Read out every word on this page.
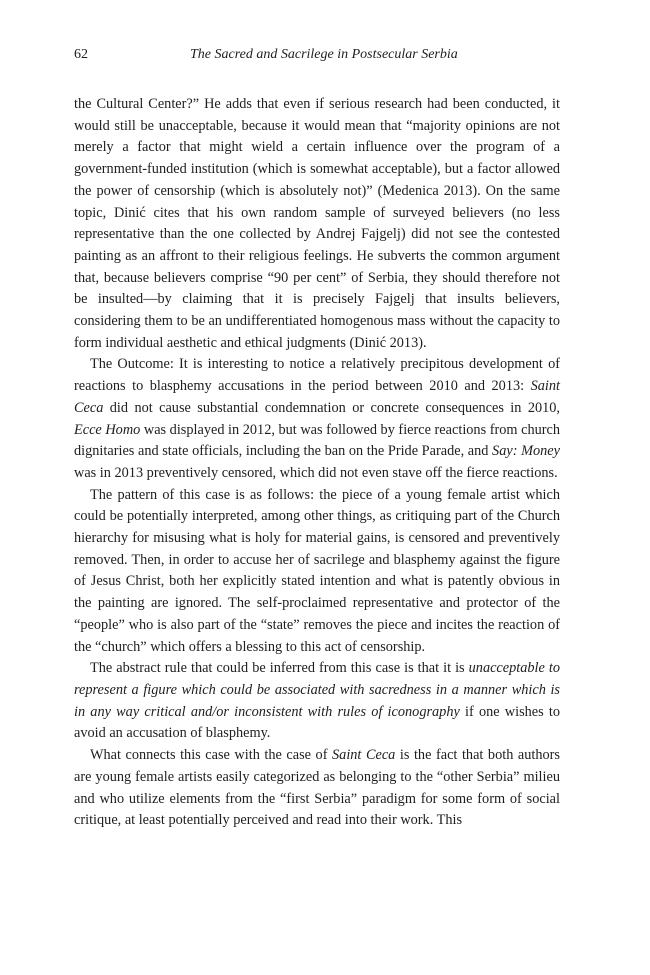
62	The Sacred and Sacrilege in Postsecular Serbia

the Cultural Center?” He adds that even if serious research had been conducted, it would still be unacceptable, because it would mean that “majority opinions are not merely a factor that might wield a certain influence over the program of a government-funded institution (which is somewhat acceptable), but a factor allowed the power of censorship (which is absolutely not)” (Medenica 2013). On the same topic, Dinić cites that his own random sample of surveyed believers (no less representative than the one collected by Andrej Fajgelj) did not see the contested painting as an affront to their religious feelings. He subverts the common argument that, because believers comprise “90 per cent” of Serbia, they should therefore not be insulted—by claiming that it is precisely Fajgelj that insults believers, considering them to be an undifferentiated homogenous mass without the capacity to form individual aesthetic and ethical judgments (Dinić 2013).

The Outcome: It is interesting to notice a relatively precipitous development of reactions to blasphemy accusations in the period between 2010 and 2013: Saint Ceca did not cause substantial condemnation or concrete consequences in 2010, Ecce Homo was displayed in 2012, but was followed by fierce reactions from church dignitaries and state officials, including the ban on the Pride Parade, and Say: Money was in 2013 preventively censored, which did not even stave off the fierce reactions.

The pattern of this case is as follows: the piece of a young female artist which could be potentially interpreted, among other things, as critiquing part of the Church hierarchy for misusing what is holy for material gains, is censored and preventively removed. Then, in order to accuse her of sacrilege and blasphemy against the figure of Jesus Christ, both her explicitly stated intention and what is patently obvious in the painting are ignored. The self-proclaimed representative and protector of the “people” who is also part of the “state” removes the piece and incites the reaction of the “church” which offers a blessing to this act of censorship.

The abstract rule that could be inferred from this case is that it is unacceptable to represent a figure which could be associated with sacredness in a manner which is in any way critical and/or inconsistent with rules of iconography if one wishes to avoid an accusation of blasphemy.

What connects this case with the case of Saint Ceca is the fact that both authors are young female artists easily categorized as belonging to the “other Serbia” milieu and who utilize elements from the “first Serbia” paradigm for some form of social critique, at least potentially perceived and read into their work. This
